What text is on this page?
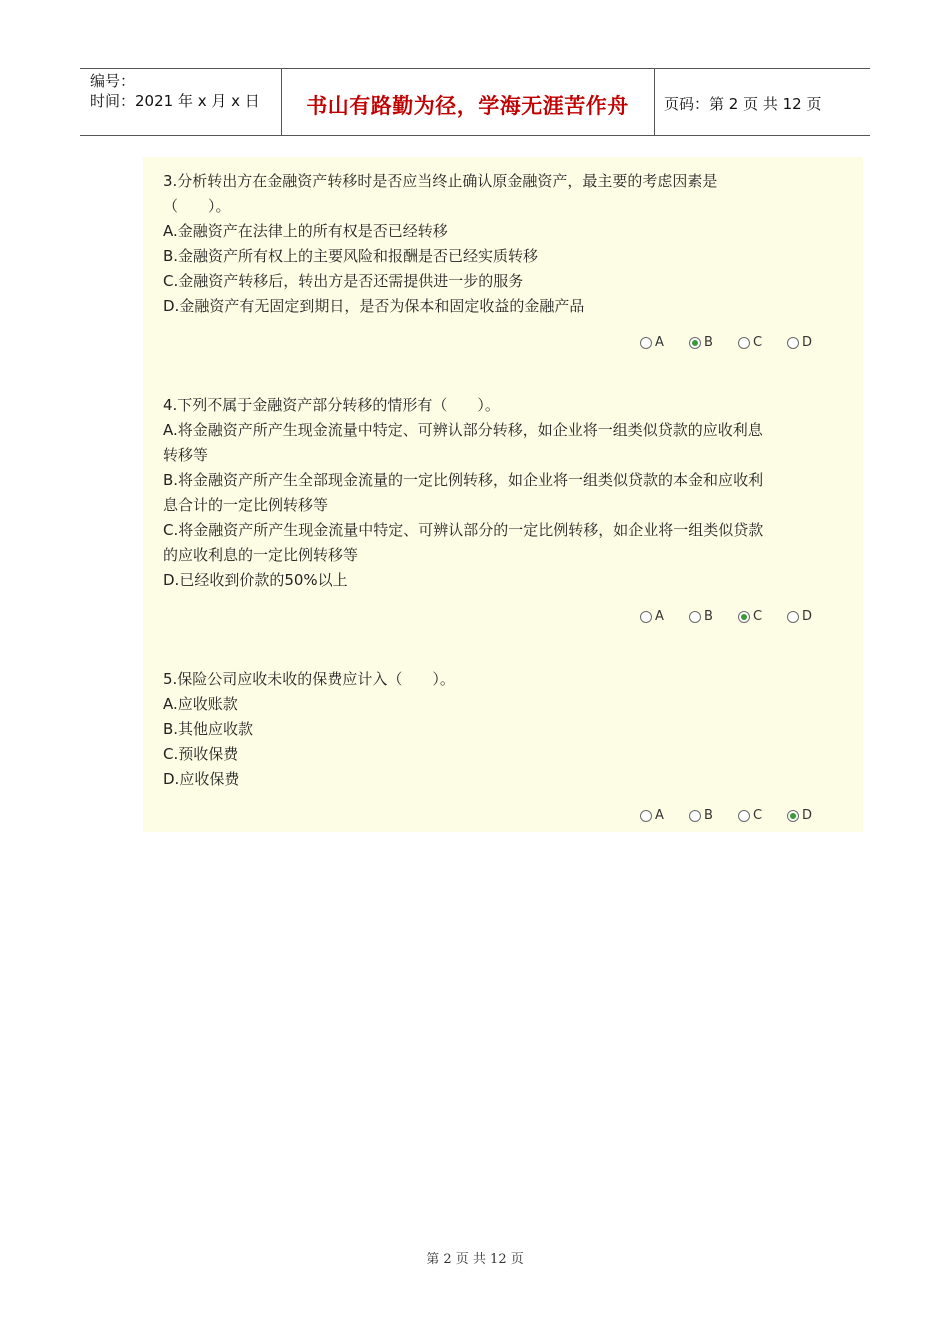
编号：
时间：2021 年 x 月 x 日	书山有路勤为径，学海无涯苦作舟	页码：第 2 页 共 12 页

3.分析转出方在金融资产转移时是否应当终止确认原金融资产，最主要的考虑因素是

（　　）。

A.金融资产在法律上的所有权是否已经转移

B.金融资产所有权上的主要风险和报酬是否已经实质转移

C.金融资产转移后，转出方是否还需提供进一步的服务

D.金融资产有无固定到期日，是否为保本和固定收益的金融产品

A	B	C	D

4.下列不属于金融资产部分转移的情形有（　　）。

A.将金融资产所产生现金流量中特定、可辨认部分转移，如企业将一组类似贷款的应收利息

转移等

B.将金融资产所产生全部现金流量的一定比例转移，如企业将一组类似贷款的本金和应收利

息合计的一定比例转移等

C.将金融资产所产生现金流量中特定、可辨认部分的一定比例转移，如企业将一组类似贷款

的应收利息的一定比例转移等

D.已经收到价款的50%以上

A	B	C	D

5.保险公司应收未收的保费应计入（　　）。

A.应收账款

B.其他应收款

C.预收保费

D.应收保费

A	B	C	D
第 2 页 共 12 页
